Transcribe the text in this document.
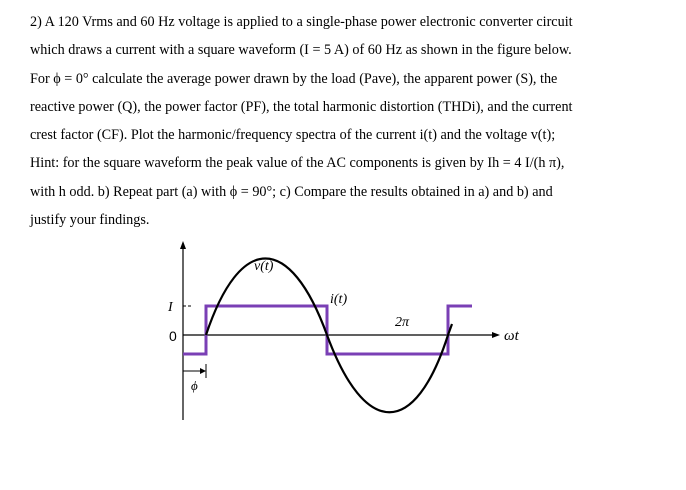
2) A 120 Vrms and 60 Hz voltage is applied to a single-phase power electronic converter circuit
which draws a current with a square waveform (I = 5 A) of 60 Hz as shown in the figure below.
For ϕ = 0° calculate the average power drawn by the load (Pave), the apparent power (S), the
reactive power (Q), the power factor (PF), the total harmonic distortion (THDi), and the current
crest factor (CF). Plot the harmonic/frequency spectra of the current i(t) and the voltage v(t);
Hint: for the square waveform the peak value of the AC components is given by Ih = 4 I/(h π),
with h odd. b) Repeat part (a) with ϕ = 90°; c) Compare the results obtained in a) and b) and
justify your findings.
v(t)
i(t)
2π
ωt
I
0
ϕ
